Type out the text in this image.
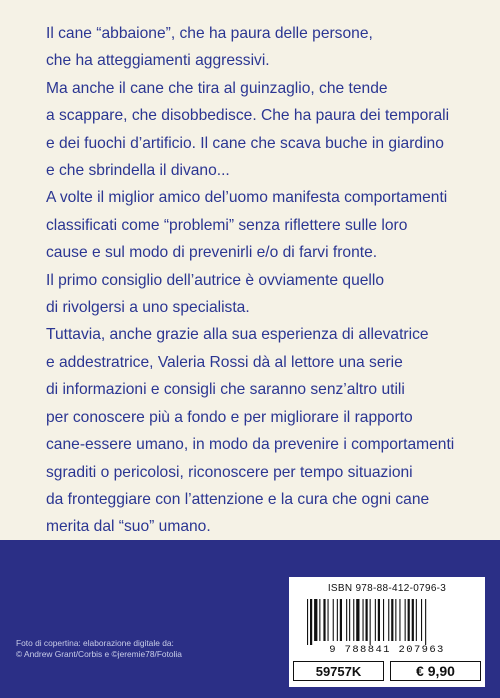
Il cane “abbaione”, che ha paura delle persone,
che ha atteggiamenti aggressivi.
Ma anche il cane che tira al guinzaglio, che tende
a scappare, che disobbedisce. Che ha paura dei temporali
e dei fuochi d’artificio. Il cane che scava buche in giardino
e che sbrindella il divano...
A volte il miglior amico del’uomo manifesta comportamenti
classificati come “problemi” senza riflettere sulle loro
cause e sul modo di prevenirli e/o di farvi fronte.
Il primo consiglio dell’autrice è ovviamente quello
di rivolgersi a uno specialista.
Tuttavia, anche grazie alla sua esperienza di allevatrice
e addestratrice, Valeria Rossi dà al lettore una serie
di informazioni e consigli che saranno senz’altro utili
per conoscere più a fondo e per migliorare il rapporto
cane-essere umano, in modo da prevenire i comportamenti
sgraditi o pericolosi, riconoscere per tempo situazioni
da fronteggiare con l’attenzione e la cura che ogni cane
merita dal “suo” umano.
Foto di copertina: elaborazione digitale da:
© Andrew Grant/Corbis e ©jeremie78/Fotolia
ISBN 978-88-412-0796-3
9 788841 207963
59757K	€ 9,90
